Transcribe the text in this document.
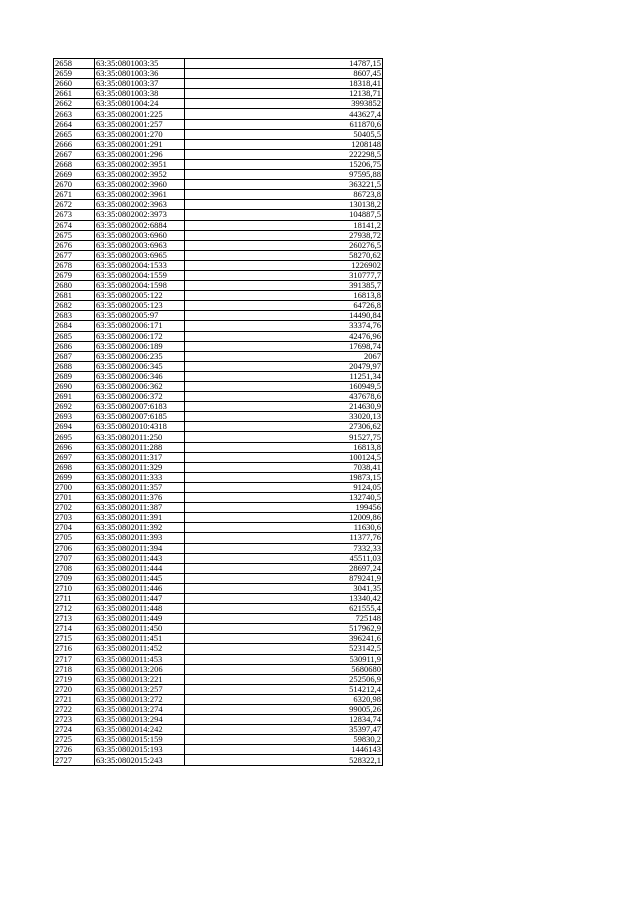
2658	63:35:0801003:35	14787,15
2659	63:35:0801003:36	8607,45
2660	63:35:0801003:37	18318,41
2661	63:35:0801003:38	12138,71
2662	63:35:0801004:24	3993852
2663	63:35:0802001:225	443627,4
2664	63:35:0802001:257	611870,6
2665	63:35:0802001:270	50405,5
2666	63:35:0802001:291	1208148
2667	63:35:0802001:296	222298,5
2668	63:35:0802002:3951	15206,75
2669	63:35:0802002:3952	97595,88
2670	63:35:0802002:3960	363221,5
2671	63:35:0802002:3961	86723,8
2672	63:35:0802002:3963	130138,2
2673	63:35:0802002:3973	104887,5
2674	63:35:0802002:6884	18141,2
2675	63:35:0802003:6960	27938,72
2676	63:35:0802003:6963	260276,5
2677	63:35:0802003:6965	58270,62
2678	63:35:0802004:1533	1226902
2679	63:35:0802004:1559	310777,7
2680	63:35:0802004:1598	391385,7
2681	63:35:0802005:122	16813,8
2682	63:35:0802005:123	64726,8
2683	63:35:0802005:97	14490,84
2684	63:35:0802006:171	33374,76
2685	63:35:0802006:172	42476,96
2686	63:35:0802006:189	17698,74
2687	63:35:0802006:235	2067
2688	63:35:0802006:345	20479,97
2689	63:35:0802006:346	11251,34
2690	63:35:0802006:362	160949,5
2691	63:35:0802006:372	437678,6
2692	63:35:0802007:6183	214630,9
2693	63:35:0802007:6185	33020,13
2694	63:35:0802010:4318	27306,62
2695	63:35:0802011:250	91527,75
2696	63:35:0802011:288	16813,8
2697	63:35:0802011:317	100124,5
2698	63:35:0802011:329	7038,41
2699	63:35:0802011:333	19873,15
2700	63:35:0802011:357	9124,05
2701	63:35:0802011:376	132740,5
2702	63:35:0802011:387	199456
2703	63:35:0802011:391	12009,86
2704	63:35:0802011:392	11630,6
2705	63:35:0802011:393	11377,76
2706	63:35:0802011:394	7332,33
2707	63:35:0802011:443	45511,03
2708	63:35:0802011:444	28697,24
2709	63:35:0802011:445	879241,9
2710	63:35:0802011:446	3041,35
2711	63:35:0802011:447	13340,42
2712	63:35:0802011:448	621555,4
2713	63:35:0802011:449	725148
2714	63:35:0802011:450	517962,9
2715	63:35:0802011:451	396241,6
2716	63:35:0802011:452	523142,5
2717	63:35:0802011:453	530911,9
2718	63:35:0802013:206	5680680
2719	63:35:0802013:221	252506,9
2720	63:35:0802013:257	514212,4
2721	63:35:0802013:272	6320,98
2722	63:35:0802013:274	99005,26
2723	63:35:0802013:294	12834,74
2724	63:35:0802014:242	35397,47
2725	63:35:0802015:159	59830,2
2726	63:35:0802015:193	1446143
2727	63:35:0802015:243	528322,1
